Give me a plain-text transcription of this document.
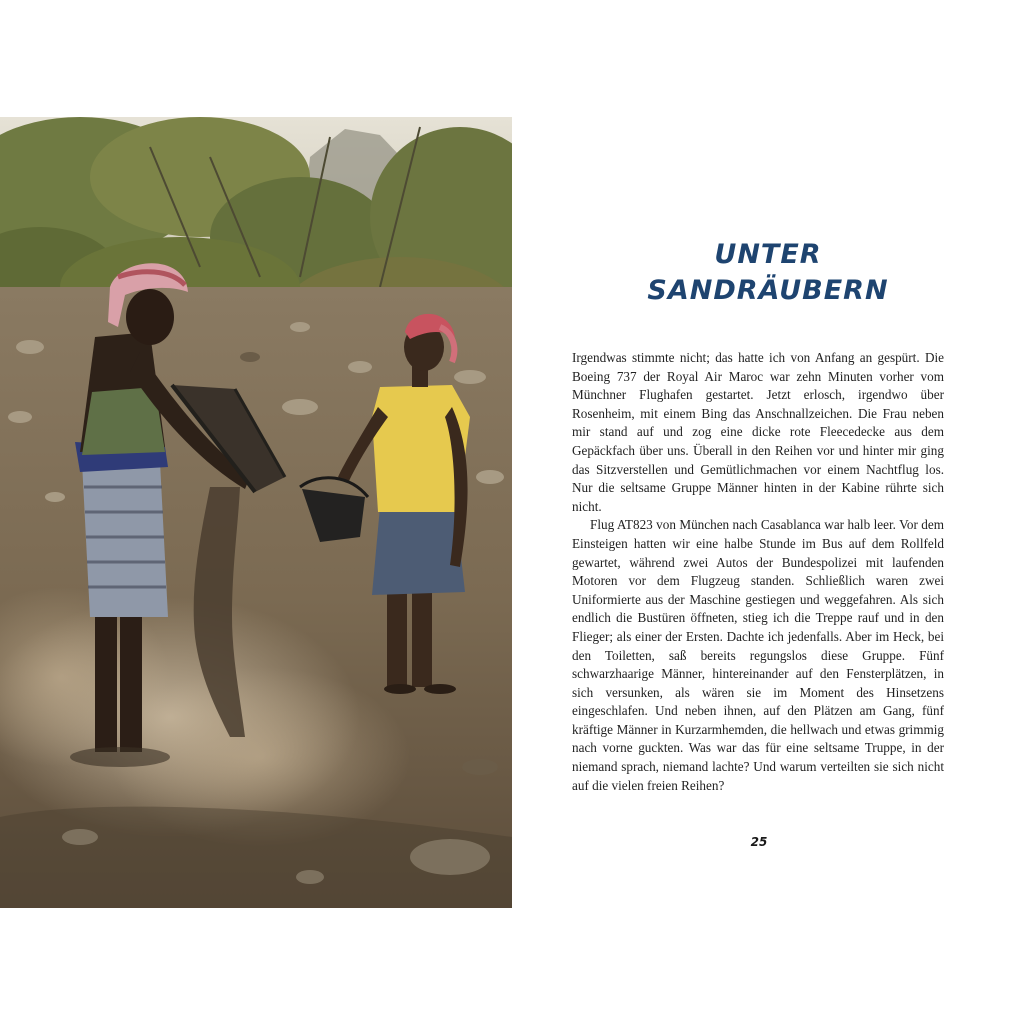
UNTER
SANDRÄUBERN

Irgendwas stimmte nicht; das hatte ich von Anfang an gespürt. Die Boeing 737 der Royal Air Maroc war zehn Minuten vorher vom Münchner Flughafen gestartet. Jetzt erlosch, irgendwo über Rosenheim, mit einem Bing das Anschnallzeichen. Die Frau neben mir stand auf und zog eine dicke rote Fleecedecke aus dem Gepäckfach über uns. Überall in den Reihen vor und hinter mir ging das Sitzverstellen und Gemütlichmachen vor einem Nachtflug los. Nur die seltsame Gruppe Männer hinten in der Kabine rührte sich nicht.

Flug AT823 von München nach Casablanca war halb leer. Vor dem Einsteigen hatten wir eine halbe Stunde im Bus auf dem Rollfeld gewartet, während zwei Autos der Bundespolizei mit laufenden Motoren vor dem Flugzeug standen. Schließlich waren zwei Uniformierte aus der Maschine gestiegen und weggefahren. Als sich endlich die Bustüren öffneten, stieg ich die Treppe rauf und in den Flieger; als einer der Ersten. Dachte ich jedenfalls. Aber im Heck, bei den Toiletten, saß bereits regungslos diese Gruppe. Fünf schwarzhaarige Männer, hintereinander auf den Fensterplätzen, in sich versunken, als wären sie im Moment des Hinsetzens eingeschlafen. Und neben ihnen, auf den Plätzen am Gang, fünf kräftige Männer in Kurzarmhemden, die hellwach und etwas grimmig nach vorne guckten. Was war das für eine seltsame Truppe, in der niemand sprach, niemand lachte? Und warum verteilten sie sich nicht auf die vielen freien Reihen?

25
